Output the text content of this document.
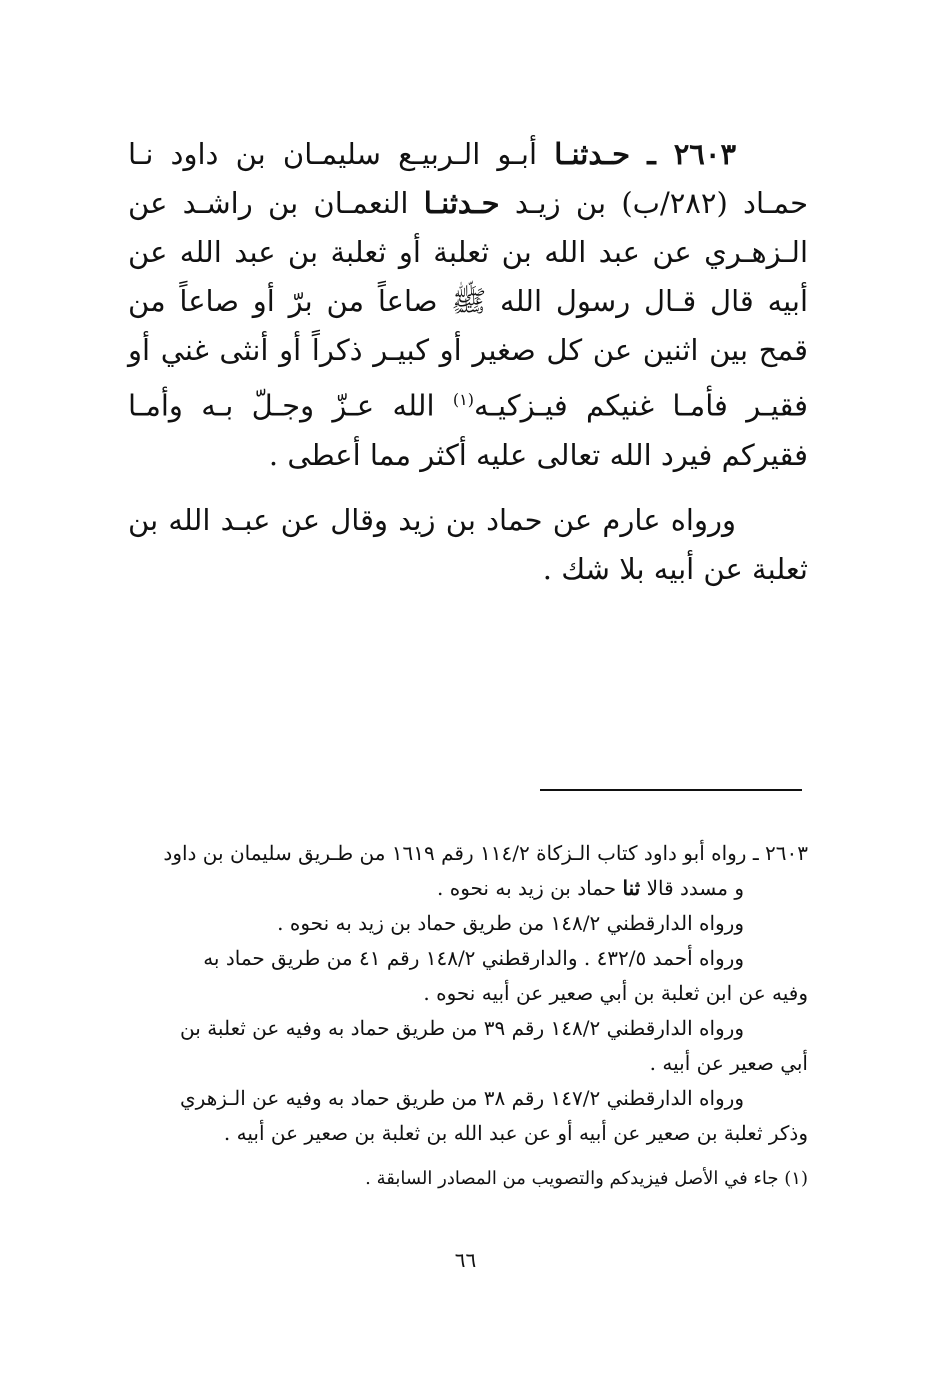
٢٦٠٣ ـ حـدثنـا أبـو الـربيـع سليمـان بن داود نـا حمـاد (٢٨٢/ب) بن زيـد حـدثنـا النعمـان بن راشـد عن الـزهـري عن عبد الله بن ثعلبة أو ثعلبة بن عبد الله عن أبيه قال قـال رسول الله ﷺ صاعاً من برّ أو صاعاً من قمح بين اثنين عن كل صغير أو كبيـر ذكراً أو أنثى غني أو فقيـر فأمـا غنيكم فيـزكيـه$^{(١)}$ الله عـزّ وجـلّ بـه وأمـا فقيركم فيرد الله تعالى عليه أكثر مما أعطى .

ورواه عارم عن حماد بن زيد وقال عن عبـد الله بن ثعلبة عن أبيه بلا شك .

٢٦٠٣ ـ رواه أبو داود كتاب الـزكاة ١١٤/٢ رقم ١٦١٩ من طـريق سليمان بن داود
و مسدد قالا ثنا حماد بن زيد به نحوه .
ورواه الدارقطني ١٤٨/٢ من طريق حماد بن زيد به نحوه .
ورواه أحمد ٤٣٢/٥ . والدارقطني ١٤٨/٢ رقم ٤١ من طريق حماد به
وفيه عن ابن ثعلبة بن أبي صعير عن أبيه نحوه .
ورواه الدارقطني ١٤٨/٢ رقم ٣٩ من طريق حماد به وفيه عن ثعلبة بن
أبي صعير عن أبيه .
ورواه الدارقطني ١٤٧/٢ رقم ٣٨ من طريق حماد به وفيه عن الـزهري
وذكر ثعلبة بن صعير عن أبيه أو عن عبد الله بن ثعلبة بن صعير عن أبيه .
(١) جاء في الأصل فيزيدكم والتصويب من المصادر السابقة .
٦٦
